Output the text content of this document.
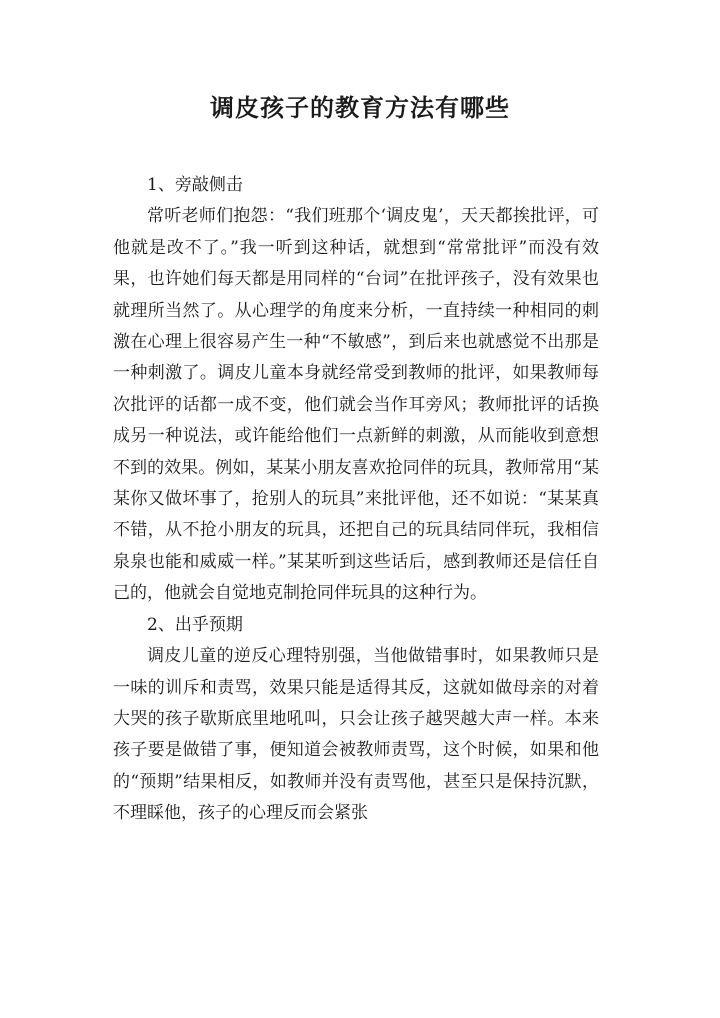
调皮孩子的教育方法有哪些

1、旁敲侧击

常听老师们抱怨：“我们班那个‘调皮鬼’，天天都挨批评，可他就是改不了。”我一听到这种话，就想到“常常批评”而没有效果，也许她们每天都是用同样的“台词”在批评孩子，没有效果也就理所当然了。从心理学的角度来分析，一直持续一种相同的刺激在心理上很容易产生一种“不敏感”，到后来也就感觉不出那是一种刺激了。调皮儿童本身就经常受到教师的批评，如果教师每次批评的话都一成不变，他们就会当作耳旁风；教师批评的话换成另一种说法，或许能给他们一点新鲜的刺激，从而能收到意想不到的效果。例如，某某小朋友喜欢抢同伴的玩具，教师常用“某某你又做坏事了，抢别人的玩具”来批评他，还不如说：“某某真不错，从不抢小朋友的玩具，还把自己的玩具结同伴玩，我相信泉泉也能和威威一样。”某某听到这些话后，感到教师还是信任自己的，他就会自觉地克制抢同伴玩具的这种行为。

2、出乎预期

调皮儿童的逆反心理特别强，当他做错事时，如果教师只是一味的训斥和责骂，效果只能是适得其反，这就如做母亲的对着大哭的孩子歇斯底里地吼叫，只会让孩子越哭越大声一样。本来孩子要是做错了事，便知道会被教师责骂，这个时候，如果和他的“预期”结果相反，如教师并没有责骂他，甚至只是保持沉默，不理睬他，孩子的心理反而会紧张
